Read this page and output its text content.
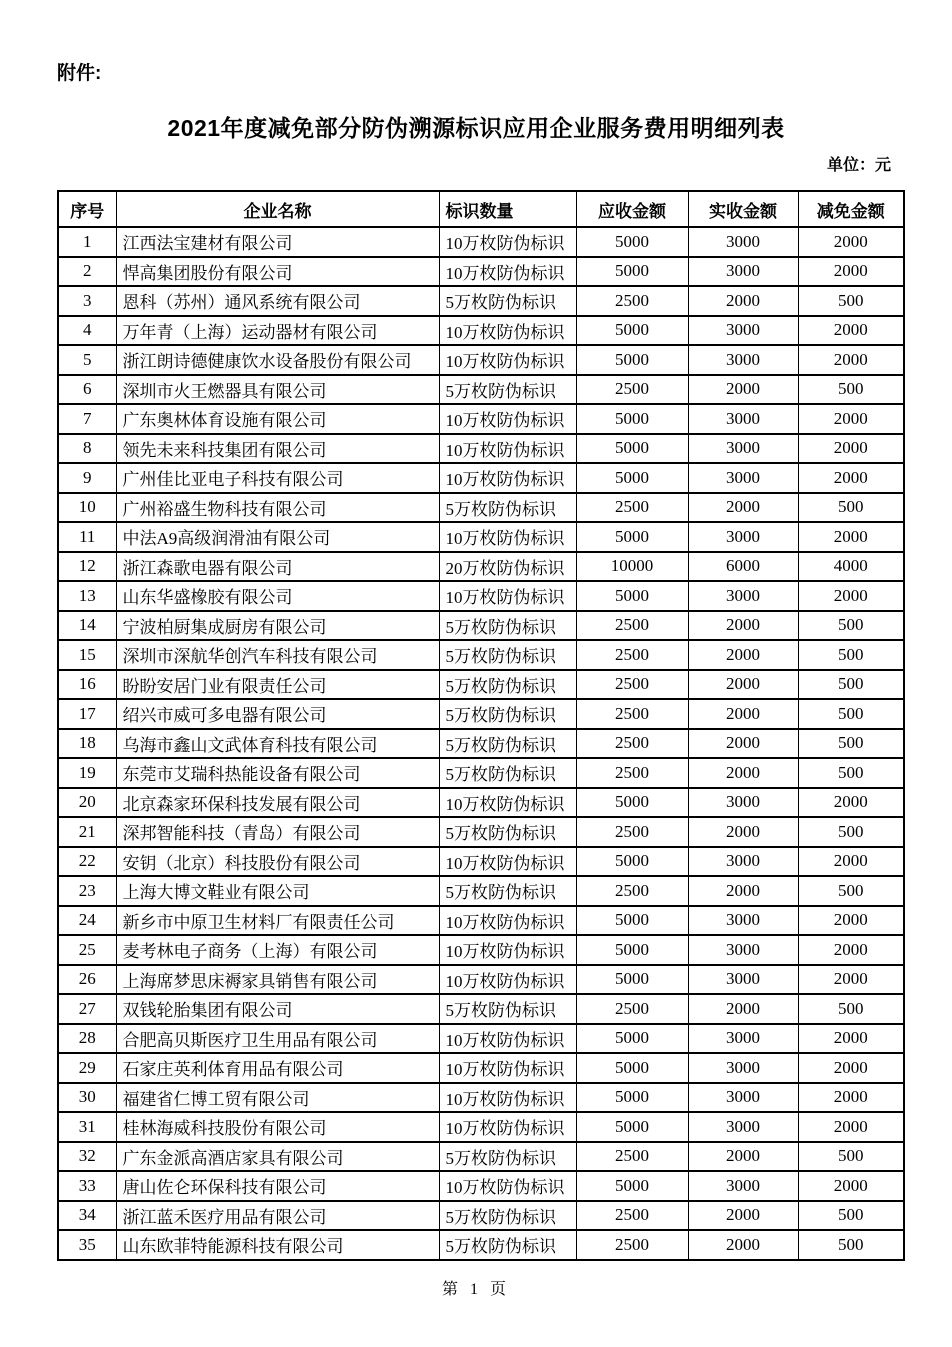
附件:
2021年度减免部分防伪溯源标识应用企业服务费用明细列表
单位：元
序号	企业名称	标识数量	应收金额	实收金额	减免金额
1	江西法宝建材有限公司	10万枚防伪标识	5000	3000	2000
2	悍高集团股份有限公司	10万枚防伪标识	5000	3000	2000
3	恩科（苏州）通风系统有限公司	5万枚防伪标识	2500	2000	500
4	万年青（上海）运动器材有限公司	10万枚防伪标识	5000	3000	2000
5	浙江朗诗德健康饮水设备股份有限公司	10万枚防伪标识	5000	3000	2000
6	深圳市火王燃器具有限公司	5万枚防伪标识	2500	2000	500
7	广东奥林体育设施有限公司	10万枚防伪标识	5000	3000	2000
8	领先未来科技集团有限公司	10万枚防伪标识	5000	3000	2000
9	广州佳比亚电子科技有限公司	10万枚防伪标识	5000	3000	2000
10	广州裕盛生物科技有限公司	5万枚防伪标识	2500	2000	500
11	中法A9高级润滑油有限公司	10万枚防伪标识	5000	3000	2000
12	浙江森歌电器有限公司	20万枚防伪标识	10000	6000	4000
13	山东华盛橡胶有限公司	10万枚防伪标识	5000	3000	2000
14	宁波柏厨集成厨房有限公司	5万枚防伪标识	2500	2000	500
15	深圳市深航华创汽车科技有限公司	5万枚防伪标识	2500	2000	500
16	盼盼安居门业有限责任公司	5万枚防伪标识	2500	2000	500
17	绍兴市威可多电器有限公司	5万枚防伪标识	2500	2000	500
18	乌海市鑫山文武体育科技有限公司	5万枚防伪标识	2500	2000	500
19	东莞市艾瑞科热能设备有限公司	5万枚防伪标识	2500	2000	500
20	北京森家环保科技发展有限公司	10万枚防伪标识	5000	3000	2000
21	深邦智能科技（青岛）有限公司	5万枚防伪标识	2500	2000	500
22	安钥（北京）科技股份有限公司	10万枚防伪标识	5000	3000	2000
23	上海大博文鞋业有限公司	5万枚防伪标识	2500	2000	500
24	新乡市中原卫生材料厂有限责任公司	10万枚防伪标识	5000	3000	2000
25	麦考林电子商务（上海）有限公司	10万枚防伪标识	5000	3000	2000
26	上海席梦思床褥家具销售有限公司	10万枚防伪标识	5000	3000	2000
27	双钱轮胎集团有限公司	5万枚防伪标识	2500	2000	500
28	合肥高贝斯医疗卫生用品有限公司	10万枚防伪标识	5000	3000	2000
29	石家庄英利体育用品有限公司	10万枚防伪标识	5000	3000	2000
30	福建省仁博工贸有限公司	10万枚防伪标识	5000	3000	2000
31	桂林海威科技股份有限公司	10万枚防伪标识	5000	3000	2000
32	广东金派高酒店家具有限公司	5万枚防伪标识	2500	2000	500
33	唐山佐仑环保科技有限公司	10万枚防伪标识	5000	3000	2000
34	浙江蓝禾医疗用品有限公司	5万枚防伪标识	2500	2000	500
35	山东欧菲特能源科技有限公司	5万枚防伪标识	2500	2000	500
第 1 页
